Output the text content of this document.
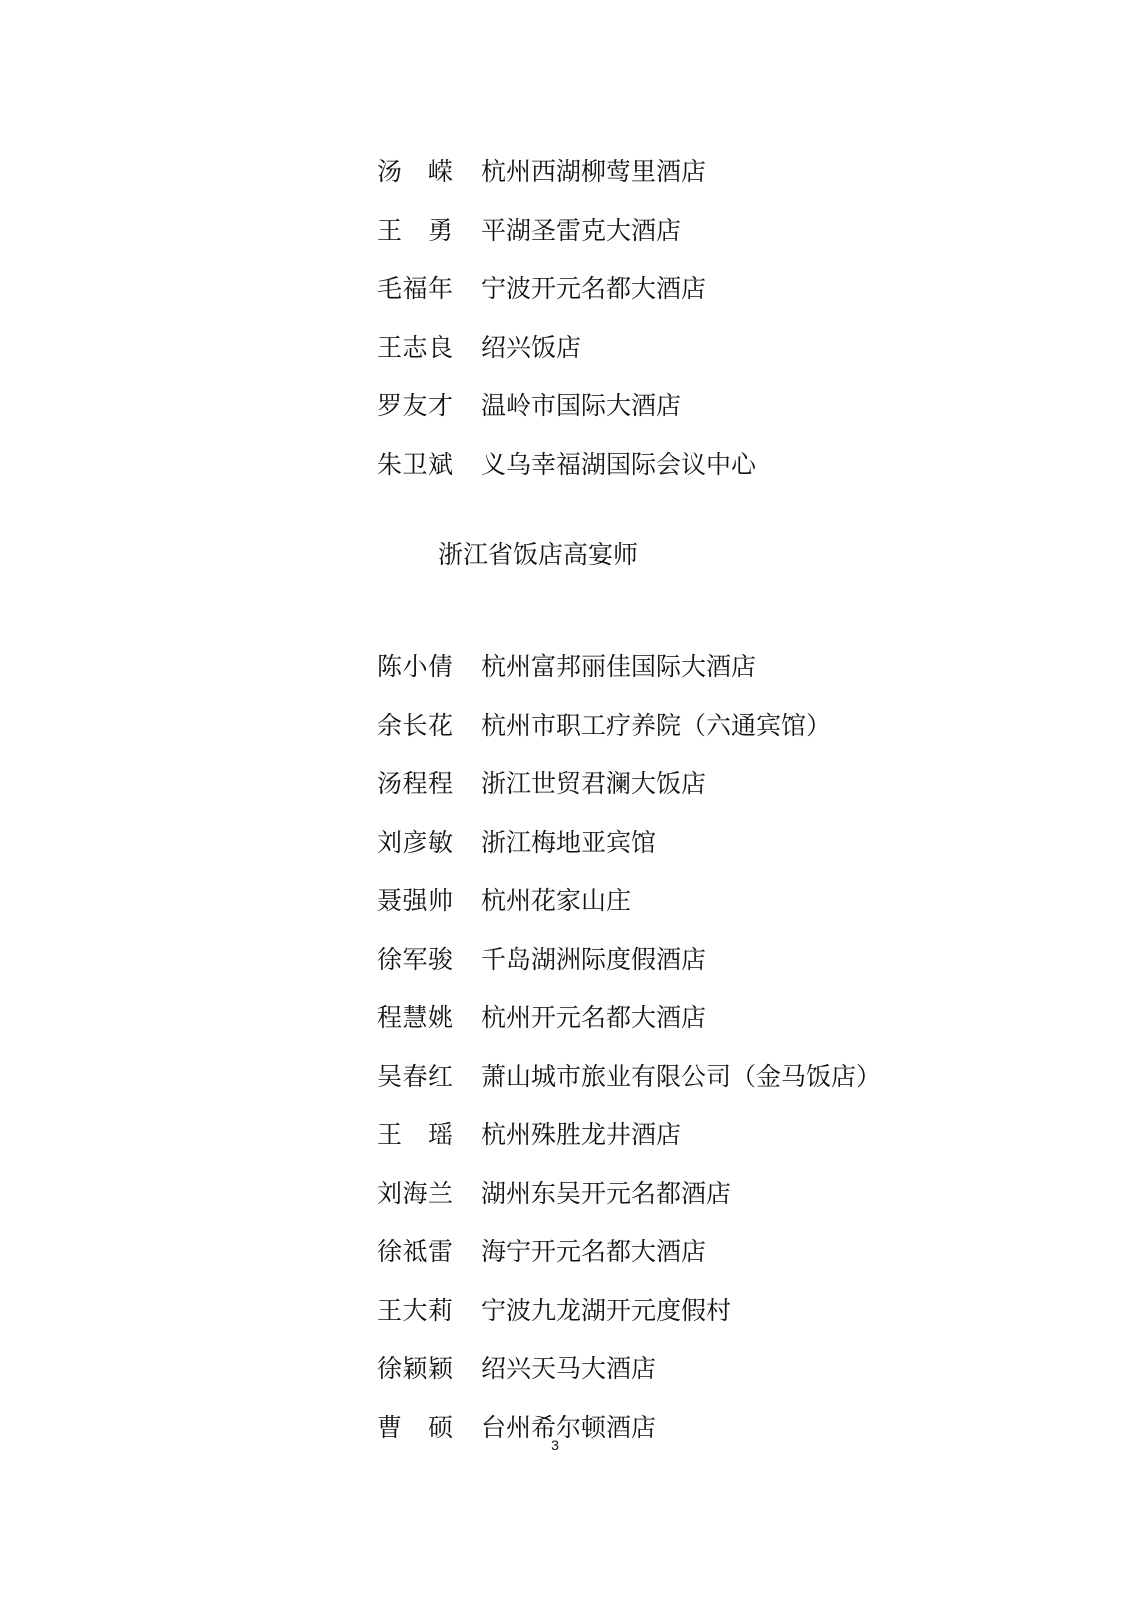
汤 嵘 杭州西湖柳莺里酒店
王 勇 平湖圣雷克大酒店
毛 福 年 宁波开元名都大酒店
王 志 良 绍兴饭店
罗 友 才 温岭市国际大酒店
朱 卫 斌 义乌幸福湖国际会议中心
浙江省饭店高宴师
陈 小 倩 杭州富邦丽佳国际大酒店
余 长 花 杭州市职工疗养院（六通宾馆）
汤 程 程 浙江世贸君澜大饭店
刘 彦 敏 浙江梅地亚宾馆
聂 强 帅 杭州花家山庄
徐 军 骏 千岛湖洲际度假酒店
程 慧 姚 杭州开元名都大酒店
吴 春 红 萧山城市旅业有限公司（金马饭店）
王 瑶 杭州殊胜龙井酒店
刘 海 兰 湖州东吴开元名都酒店
徐 祗 雷 海宁开元名都大酒店
王 大 莉 宁波九龙湖开元度假村
徐 颖 颖 绍兴天马大酒店
曹 硕 台州希尔顿酒店
3
